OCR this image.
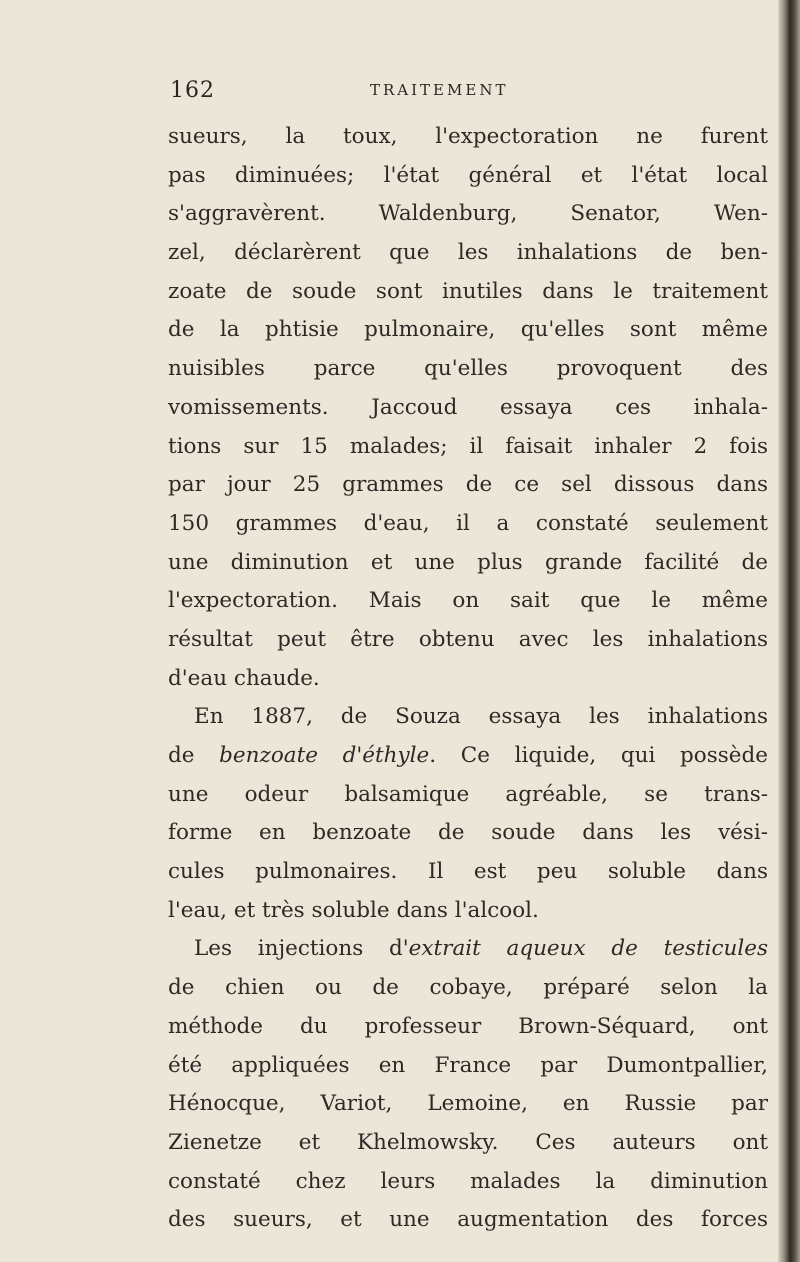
162	TRAITEMENT
sueurs, la toux, l'expectoration ne furent
pas diminuées; l'état général et l'état local
s'aggravèrent. Waldenburg, Senator, Wen-
zel, déclarèrent que les inhalations de ben-
zoate de soude sont inutiles dans le traitement
de la phtisie pulmonaire, qu'elles sont même
nuisibles parce qu'elles provoquent des
vomissements. Jaccoud essaya ces inhala-
tions sur 15 malades; il faisait inhaler 2 fois
par jour 25 grammes de ce sel dissous dans
150 grammes d'eau, il a constaté seulement
une diminution et une plus grande facilité de
l'expectoration. Mais on sait que le même
résultat peut être obtenu avec les inhalations
d'eau chaude.
En 1887, de Souza essaya les inhalations
de benzoate d'éthyle. Ce liquide, qui possède
une odeur balsamique agréable, se trans-
forme en benzoate de soude dans les vési-
cules pulmonaires. Il est peu soluble dans
l'eau, et très soluble dans l'alcool.
Les injections d'extrait aqueux de testicules
de chien ou de cobaye, préparé selon la
méthode du professeur Brown-Séquard, ont
été appliquées en France par Dumontpallier,
Hénocque, Variot, Lemoine, en Russie par
Zienetze et Khelmowsky. Ces auteurs ont
constaté chez leurs malades la diminution
des sueurs, et une augmentation des forces
